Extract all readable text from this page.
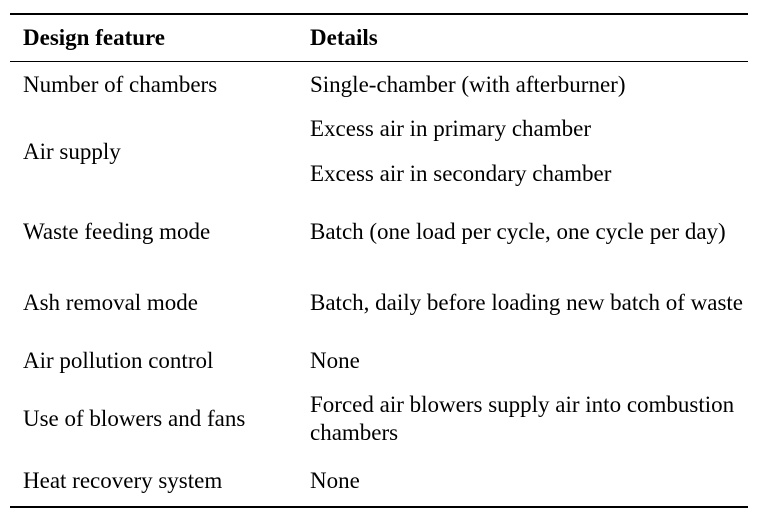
Design feature	Details
Number of chambers	Single-chamber (with afterburner)
Air supply	Excess air in primary chamber
	Excess air in secondary chamber
Waste feeding mode	Batch (one load per cycle, one cycle per day)
Ash removal mode	Batch, daily before loading new batch of waste
Air pollution control	None
Use of blowers and fans	Forced air blowers supply air into combustion chambers
Heat recovery system	None
